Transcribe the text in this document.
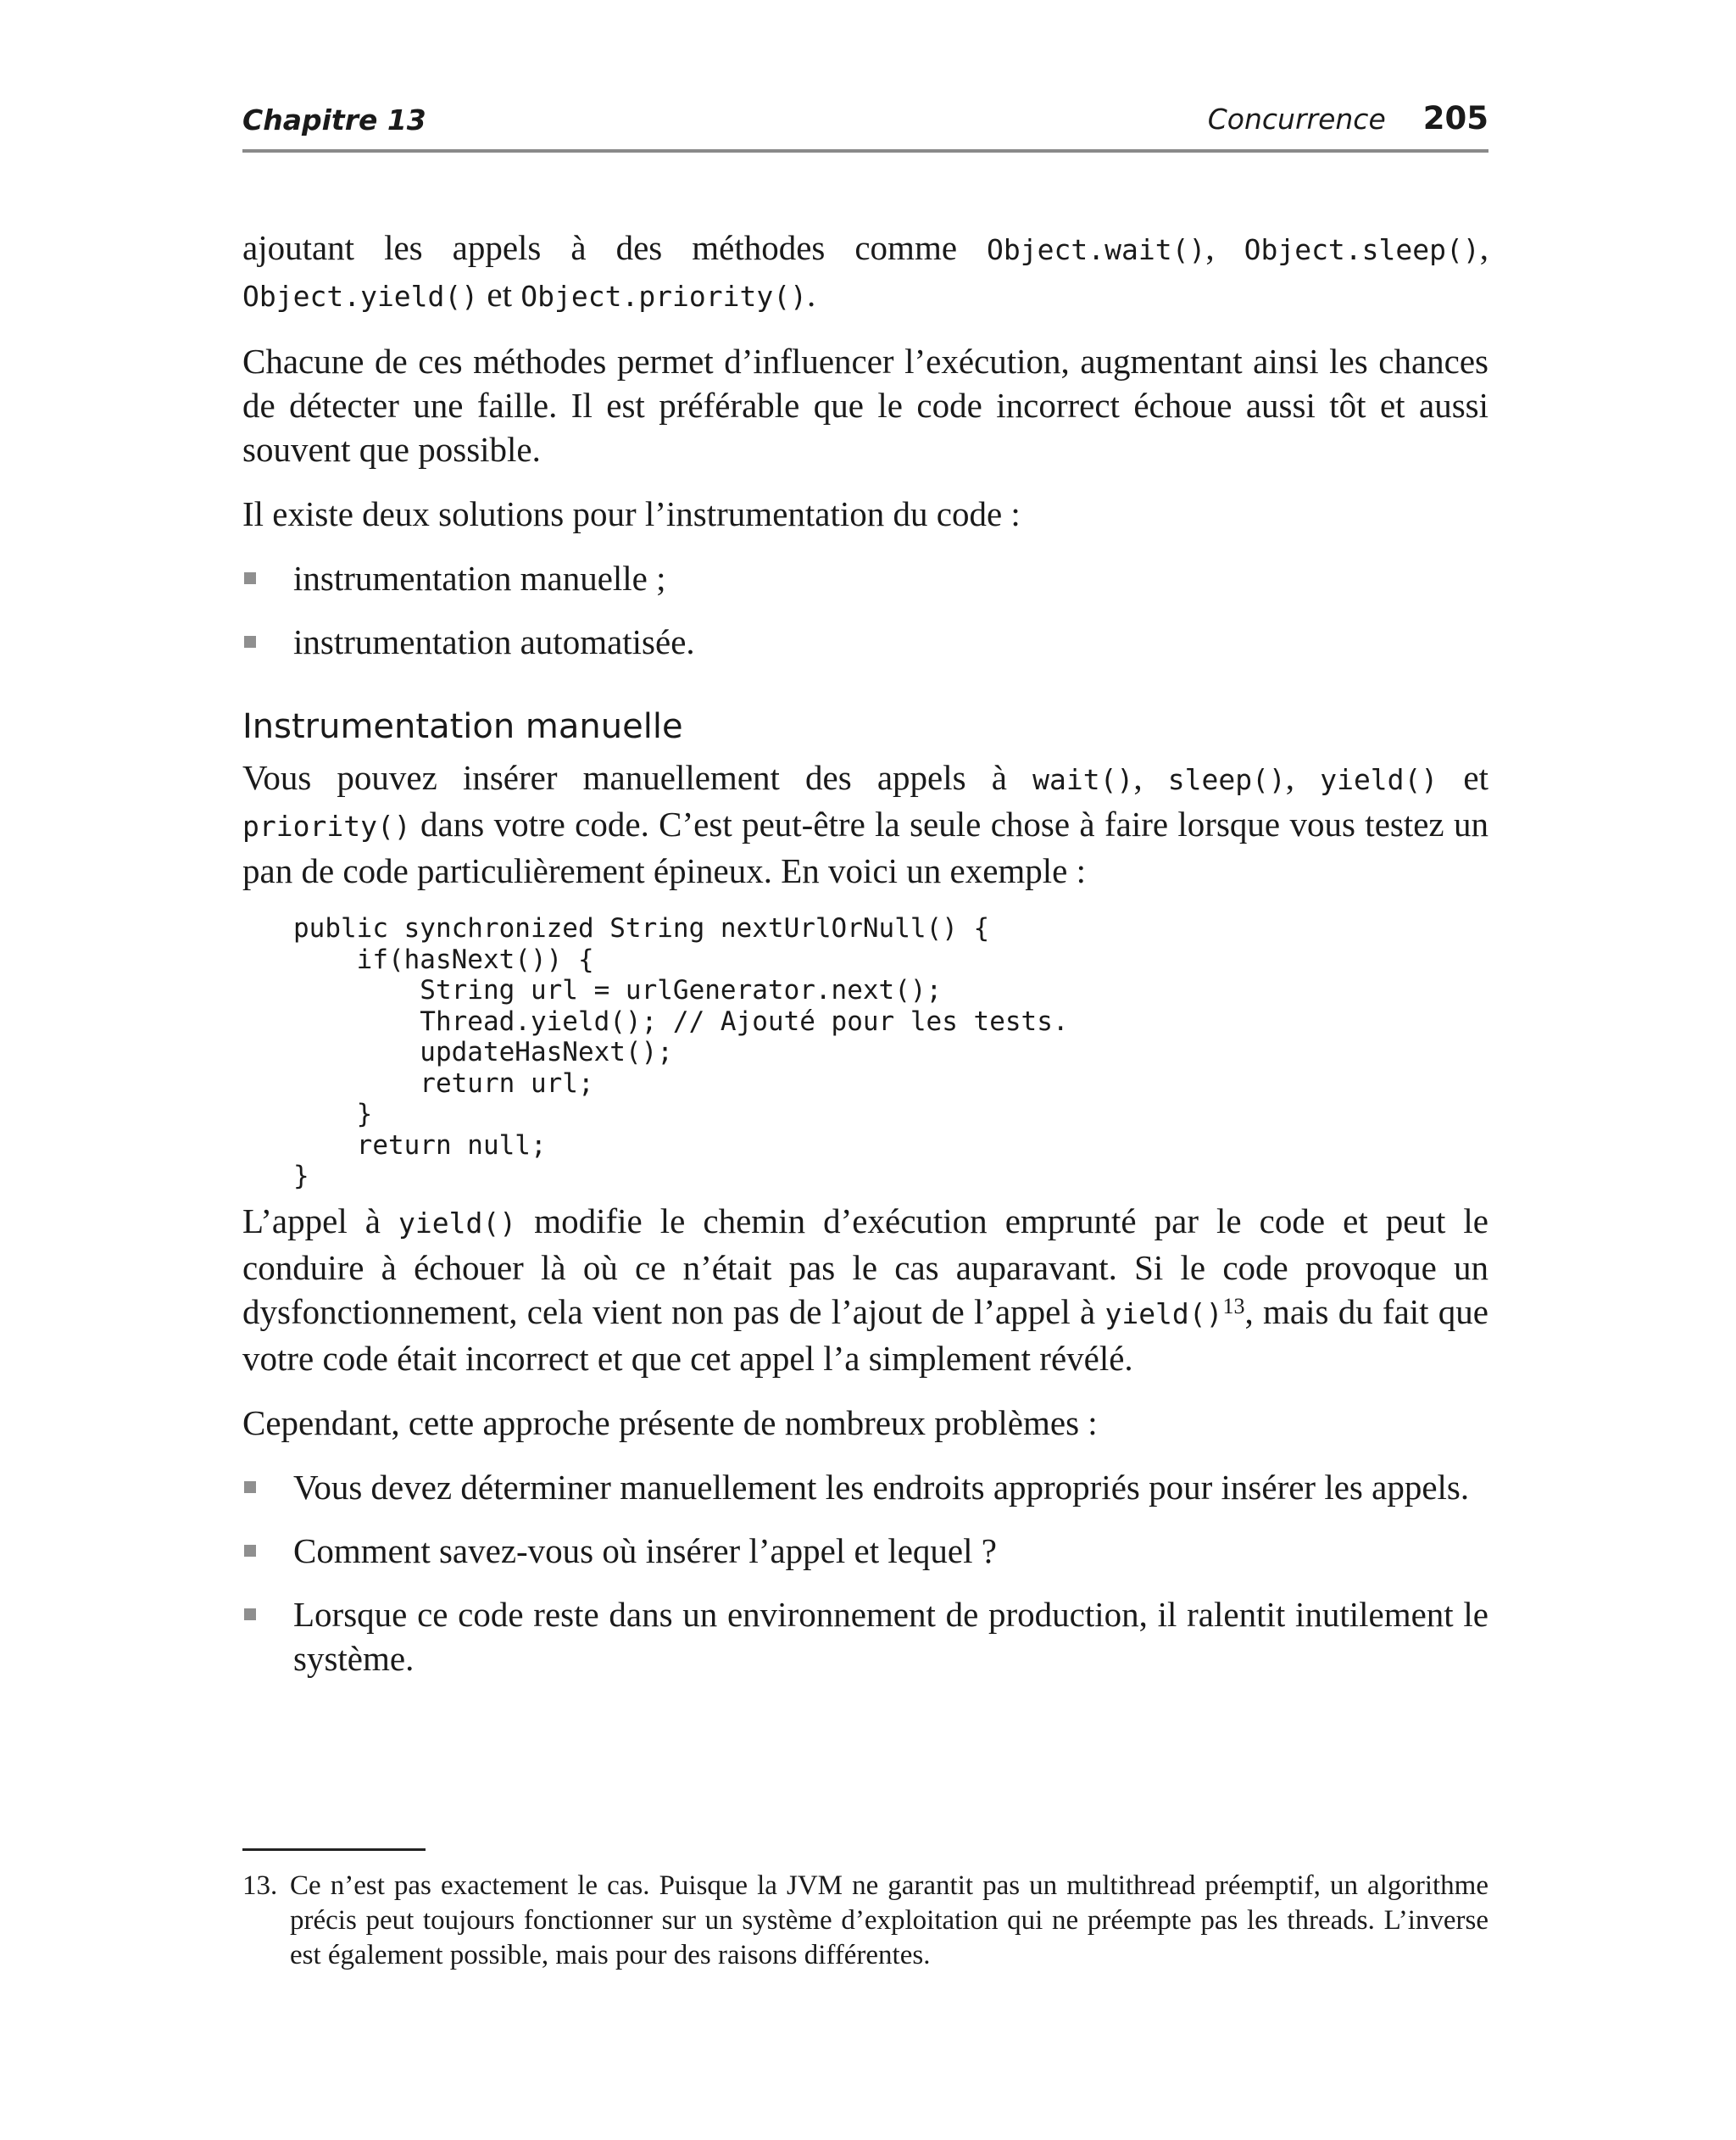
Chapitre 13	Concurrence 205

ajoutant les appels à des méthodes comme Object.wait(), Object.sleep(), Object.yield() et Object.priority().

Chacune de ces méthodes permet d’influencer l’exécution, augmentant ainsi les chances de détecter une faille. Il est préférable que le code incorrect échoue aussi tôt et aussi souvent que possible.

Il existe deux solutions pour l’instrumentation du code :

instrumentation manuelle ;
instrumentation automatisée.
Instrumentation manuelle

Vous pouvez insérer manuellement des appels à wait(), sleep(), yield() et priority() dans votre code. C’est peut-être la seule chose à faire lorsque vous testez un pan de code particulièrement épineux. En voici un exemple :

public synchronized String nextUrlOrNull() {
if(hasNext()) {
String url = urlGenerator.next();
Thread.yield(); // Ajouté pour les tests.
updateHasNext();
return url;
}
return null;
}

L’appel à yield() modifie le chemin d’exécution emprunté par le code et peut le conduire à échouer là où ce n’était pas le cas auparavant. Si le code provoque un dysfonctionnement, cela vient non pas de l’ajout de l’appel à yield()$^{13}$, mais du fait que votre code était incorrect et que cet appel l’a simplement révélé.

Cependant, cette approche présente de nombreux problèmes :

Vous devez déterminer manuellement les endroits appropriés pour insérer les appels.
Comment savez-vous où insérer l’appel et lequel ?
Lorsque ce code reste dans un environnement de production, il ralentit inutilement le système.
13. Ce n’est pas exactement le cas. Puisque la JVM ne garantit pas un multithread préemptif, un algorithme précis peut toujours fonctionner sur un système d’exploitation qui ne préempte pas les threads. L’inverse est également possible, mais pour des raisons différentes.
